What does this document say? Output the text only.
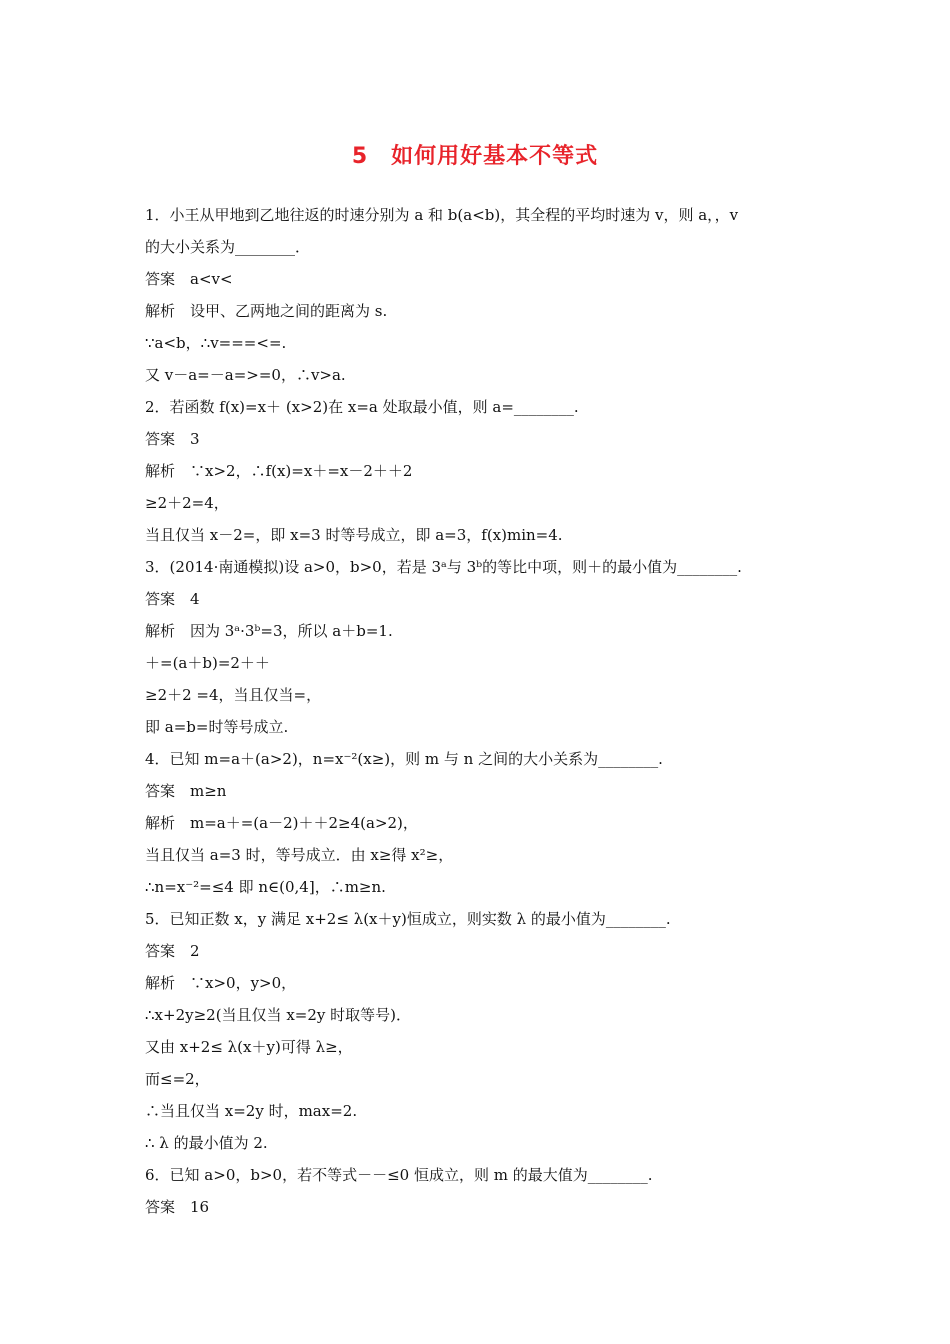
5　如何用好基本不等式
1．小王从甲地到乙地往返的时速分别为 a 和 b(a<b)，其全程的平均时速为 v，则 a，，v
的大小关系为________．
答案　a<v<
解析　设甲、乙两地之间的距离为 s.
∵a<b，∴v===<=.
又 v－a=－a=>=0，∴v>a.
2．若函数 f(x)=x＋ (x>2)在 x=a 处取最小值，则 a=________.
答案　3
解析　∵x>2，∴f(x)=x＋=x－2＋＋2
≥2＋2=4，
当且仅当 x－2=，即 x=3 时等号成立，即 a=3，f(x)min=4.
3．(2014·南通模拟)设 a>0，b>0，若是 3ᵃ与 3ᵇ的等比中项，则＋的最小值为________.
答案　4
解析　因为 3ᵃ·3ᵇ=3，所以 a＋b=1.
＋=(a＋b)=2＋＋
≥2＋2 =4，当且仅当=，
即 a=b=时等号成立.
4．已知 m=a＋(a>2)，n=x⁻²(x≥)，则 m 与 n 之间的大小关系为________.
答案　m≥n
解析　m=a＋=(a－2)＋＋2≥4(a>2)，
当且仅当 a=3 时，等号成立．由 x≥得 x²≥，
∴n=x⁻²=≤4 即 n∈(0,4]，∴m≥n.
5．已知正数 x，y 满足 x+2≤ λ(x＋y)恒成立，则实数 λ 的最小值为________.
答案　2
解析　∵x>0，y>0，
∴x+2y≥2(当且仅当 x=2y 时取等号)．
又由 x+2≤ λ(x＋y)可得 λ≥，
而≤=2，
∴当且仅当 x=2y 时，max=2.
∴ λ 的最小值为 2.
6．已知 a>0，b>0，若不等式－－≤0 恒成立，则 m 的最大值为________.
答案　16
